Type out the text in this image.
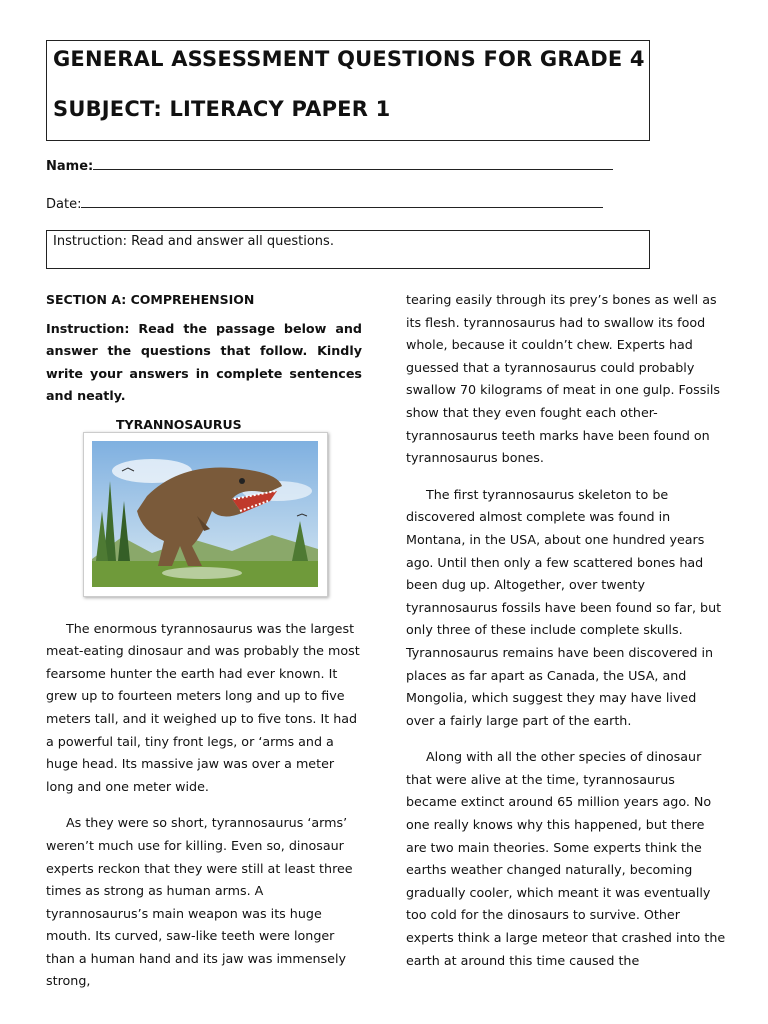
GENERAL ASSESSMENT QUESTIONS FOR GRADE 4
SUBJECT: LITERACY PAPER 1
Name:
Date:
Instruction: Read and answer all questions.
SECTION A: COMPREHENSION

Instruction: Read the passage below and answer the questions that follow. Kindly write your answers in complete sentences and neatly.

TYRANNOSAURUS

The enormous tyrannosaurus was the largest meat-eating dinosaur and was probably the most fearsome hunter the earth had ever known. It grew up to fourteen meters long and up to five meters tall, and it weighed up to five tons. It had a powerful tail, tiny front legs, or ‘arms and a huge head. Its massive jaw was over a meter long and one meter wide.

As they were so short, tyrannosaurus ‘arms’ weren’t much use for killing. Even so, dinosaur experts reckon that they were still at least three times as strong as human arms. A tyrannosaurus’s main weapon was its huge mouth. Its curved, saw-like teeth were longer than a human hand and its jaw was immensely strong,

tearing easily through its prey’s bones as well as its flesh. tyrannosaurus had to swallow its food whole, because it couldn’t chew. Experts had guessed that a tyrannosaurus could probably swallow 70 kilograms of meat in one gulp. Fossils show that they even fought each other- tyrannosaurus teeth marks have been found on tyrannosaurus bones.

The first tyrannosaurus skeleton to be discovered almost complete was found in Montana, in the USA, about one hundred years ago. Until then only a few scattered bones had been dug up. Altogether, over twenty tyrannosaurus fossils have been found so far, but only three of these include complete skulls. Tyrannosaurus remains have been discovered in places as far apart as Canada, the USA, and Mongolia, which suggest they may have lived over a fairly large part of the earth.

Along with all the other species of dinosaur that were alive at the time, tyrannosaurus became extinct around 65 million years ago. No one really knows why this happened, but there are two main theories. Some experts think the earths weather changed naturally, becoming gradually cooler, which meant it was eventually too cold for the dinosaurs to survive. Other experts think a large meteor that crashed into the earth at around this time caused the
